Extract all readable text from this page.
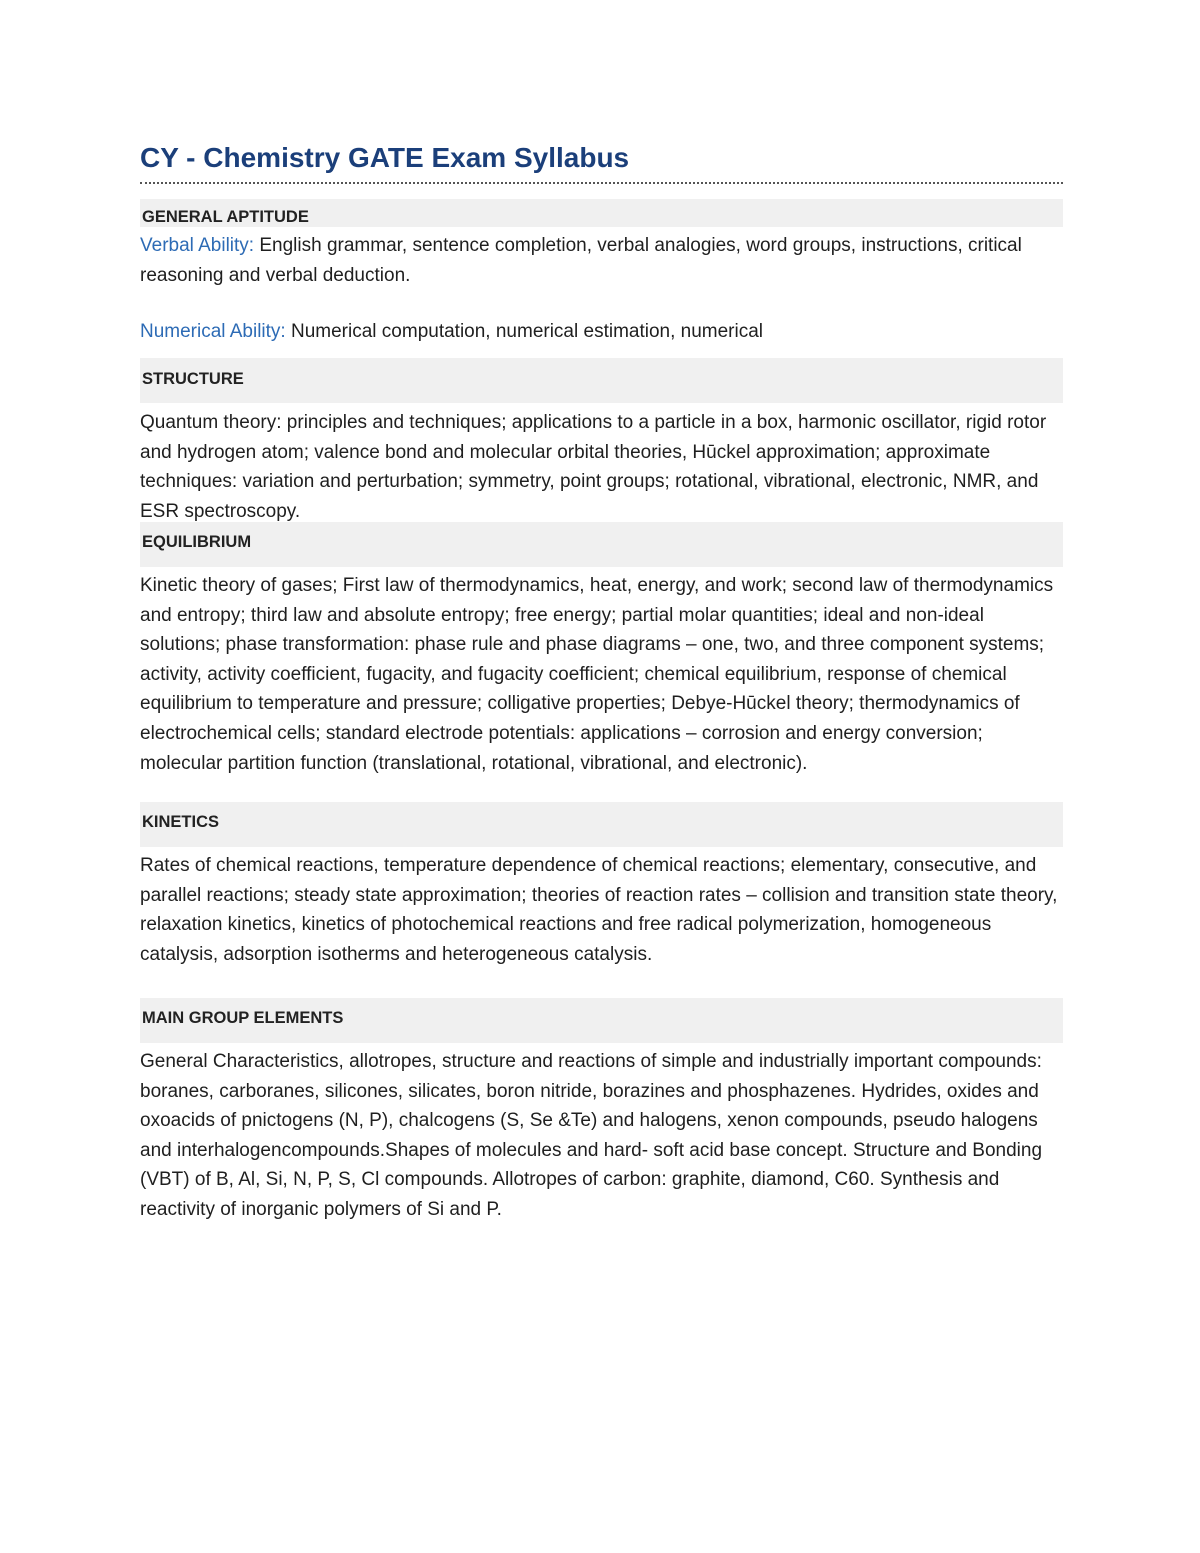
CY - Chemistry GATE Exam Syllabus
GENERAL APTITUDE

Verbal Ability: English grammar, sentence completion, verbal analogies, word groups, instructions, critical reasoning and verbal deduction.

Numerical Ability: Numerical computation, numerical estimation, numerical

STRUCTURE

Quantum theory: principles and techniques; applications to a particle in a box, harmonic oscillator, rigid rotor and hydrogen atom; valence bond and molecular orbital theories, Hūckel approximation; approximate techniques: variation and perturbation; symmetry, point groups; rotational, vibrational, electronic, NMR, and ESR spectroscopy.

EQUILIBRIUM

Kinetic theory of gases; First law of thermodynamics, heat, energy, and work; second law of thermodynamics and entropy; third law and absolute entropy; free energy; partial molar quantities; ideal and non-ideal solutions; phase transformation: phase rule and phase diagrams – one, two, and three component systems; activity, activity coefficient, fugacity, and fugacity coefficient; chemical equilibrium, response of chemical equilibrium to temperature and pressure; colligative properties; Debye-Hūckel theory; thermodynamics of electrochemical cells; standard electrode potentials: applications – corrosion and energy conversion; molecular partition function (translational, rotational, vibrational, and electronic).

KINETICS

Rates of chemical reactions, temperature dependence of chemical reactions; elementary, consecutive, and parallel reactions; steady state approximation; theories of reaction rates – collision and transition state theory, relaxation kinetics, kinetics of photochemical reactions and free radical polymerization, homogeneous catalysis, adsorption isotherms and heterogeneous catalysis.

MAIN GROUP ELEMENTS

General Characteristics, allotropes, structure and reactions of simple and industrially important compounds: boranes, carboranes, silicones, silicates, boron nitride, borazines and phosphazenes. Hydrides, oxides and oxoacids of pnictogens (N, P), chalcogens (S, Se &Te) and halogens, xenon compounds, pseudo halogens and interhalogencompounds.Shapes of molecules and hard- soft acid base concept. Structure and Bonding (VBT) of B, Al, Si, N, P, S, Cl compounds. Allotropes of carbon: graphite, diamond, C60. Synthesis and reactivity of inorganic polymers of Si and P.
